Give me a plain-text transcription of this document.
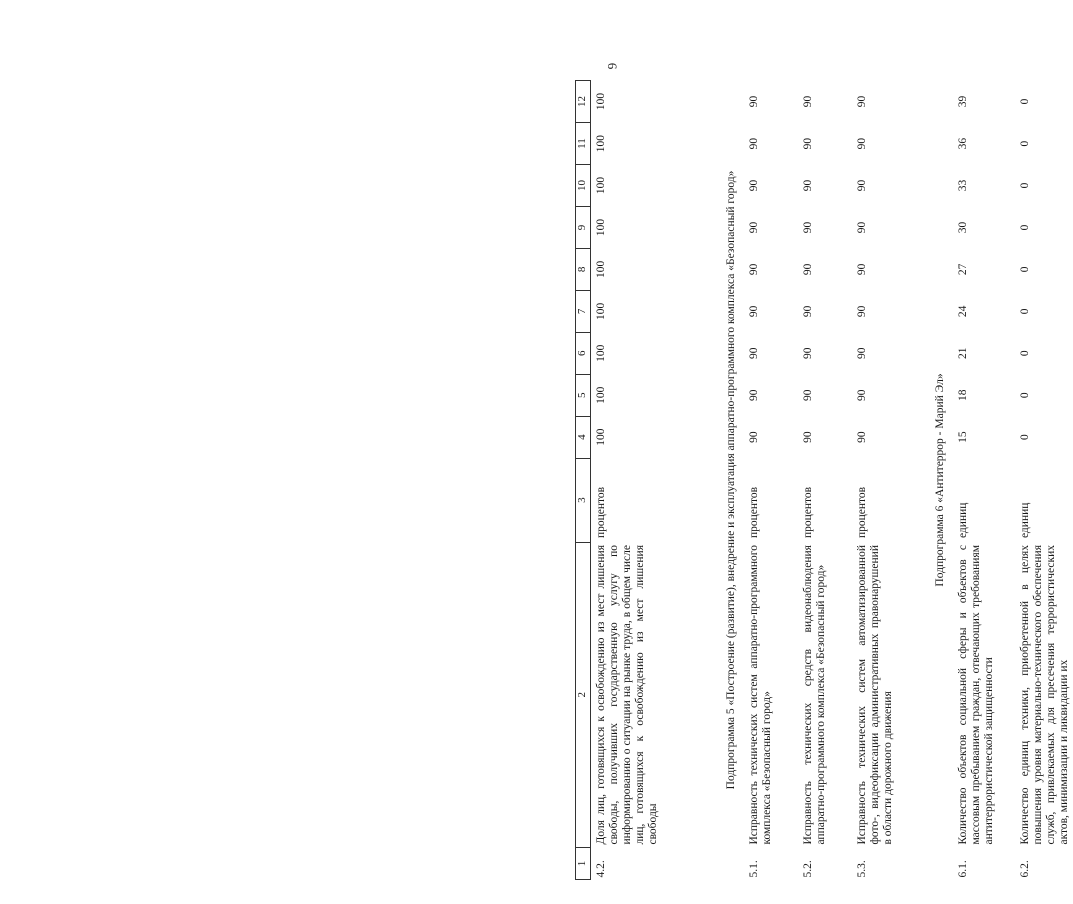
6
1	2	3	4	5	6	7	8	9	10	11	12
4.2.	Доля лиц, готовящихся к освобождению из мест лишения свободы, получивших государственную услугу по информированию о ситуации на рынке труда, в общем числе лиц, готовящихся к освобождению из мест лишения свободы	процентов	100	100	100	100	100	100	100	100	100
Подпрограмма 5 «Построение (развитие), внедрение и эксплуатация аппаратно-программного комплекса «Безопасный город»											
5.1.	Исправность технических систем аппаратно-программного комплекса «Безопасный город»	процентов	90	90	90	90	90	90	90	90	90
5.2.	Исправность технических средств видеонаблюдения аппаратно-программного комплекса «Безопасный город»	процентов	90	90	90	90	90	90	90	90	90
5.3.	Исправность технических систем автоматизированной фото-, видеофиксации административных правонарушений в области дорожного движения	процентов	90	90	90	90	90	90	90	90	90
Подпрограмма 6 «Антитеррор - Марий Эл»											
6.1.	Количество объектов социальной сферы и объектов с массовым пребыванием граждан, отвечающих требованиям антитеррористической защищенности	единиц	15	18	21	24	27	30	33	36	39
6.2.	Количество единиц техники, приобретенной в целях повышения уровня материально-технического обеспечения служб, привлекаемых для пресечения террористических актов, минимизации и ликвидации их	единиц	0	0	0	0	0	0	0	0	0
